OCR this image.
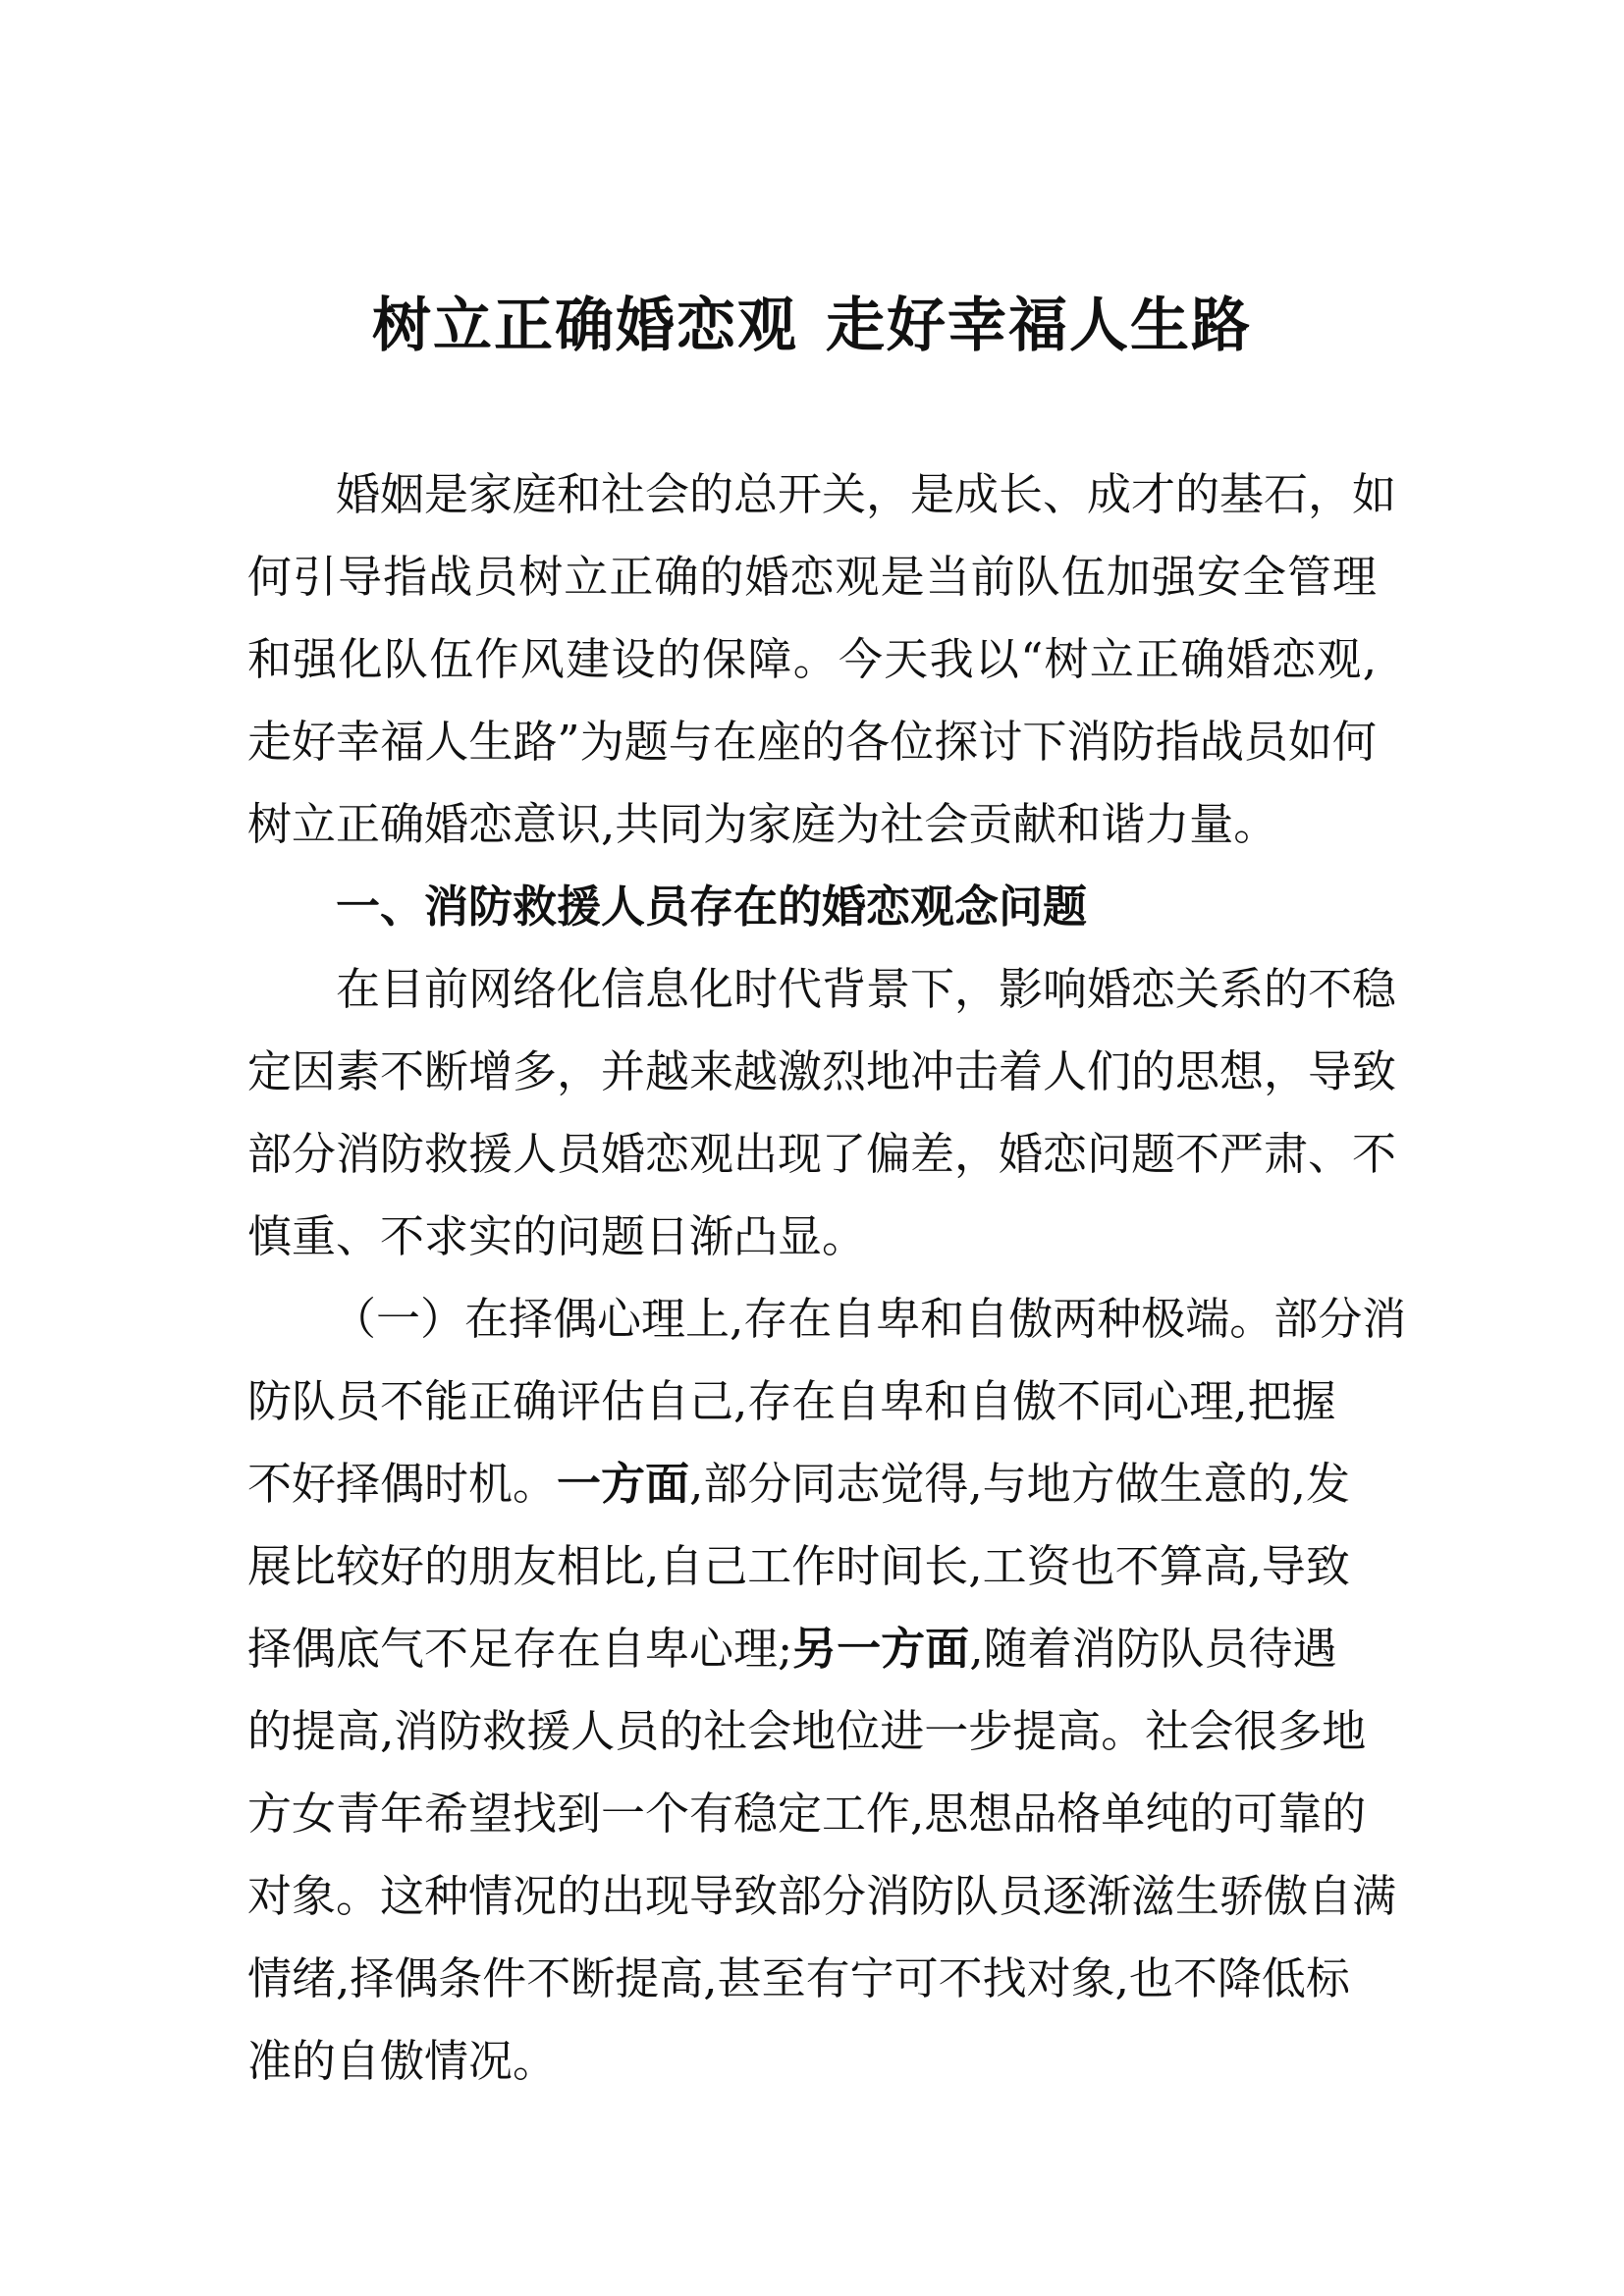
树立正确婚恋观 走好幸福人生路
婚姻是家庭和社会的总开关，是成长、成才的基石，如
何引导指战员树立正确的婚恋观是当前队伍加强安全管理
和强化队伍作风建设的保障。今天我以“树立正确婚恋观,
走好幸福人生路”为题与在座的各位探讨下消防指战员如何
树立正确婚恋意识,共同为家庭为社会贡献和谐力量。
一、消防救援人员存在的婚恋观念问题
在目前网络化信息化时代背景下，影响婚恋关系的不稳
定因素不断增多，并越来越激烈地冲击着人们的思想，导致
部分消防救援人员婚恋观出现了偏差，婚恋问题不严肃、不
慎重、不求实的问题日渐凸显。
（一）在择偶心理上,存在自卑和自傲两种极端。部分消
防队员不能正确评估自己,存在自卑和自傲不同心理,把握
不好择偶时机。一方面,部分同志觉得,与地方做生意的,发
展比较好的朋友相比,自己工作时间长,工资也不算高,导致
择偶底气不足存在自卑心理;另一方面,随着消防队员待遇
的提高,消防救援人员的社会地位进一步提高。社会很多地
方女青年希望找到一个有稳定工作,思想品格单纯的可靠的
对象。这种情况的出现导致部分消防队员逐渐滋生骄傲自满
情绪,择偶条件不断提高,甚至有宁可不找对象,也不降低标
准的自傲情况。
